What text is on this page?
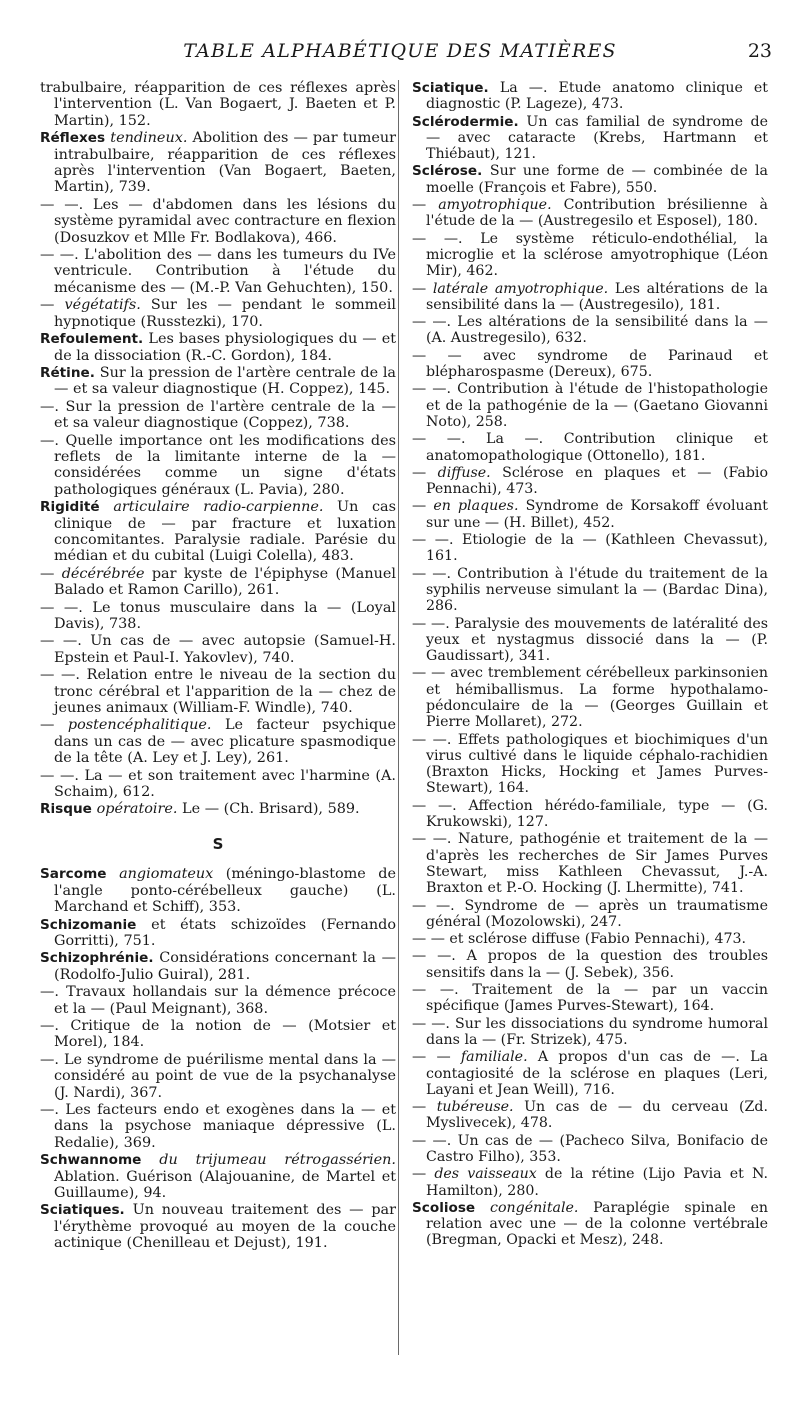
TABLE ALPHABÉTIQUE DES MATIÈRES	23

trabulbaire, réapparition de ces réflexes après l'intervention (L. Van Bogaert, J. Baeten et P. Martin), 152.

Réflexes tendineux. Abolition des — par tumeur intrabulbaire, réapparition de ces réflexes après l'intervention (Van Bogaert, Baeten, Martin), 739.

— —. Les — d'abdomen dans les lésions du système pyramidal avec contracture en flexion (Dosuzkov et Mlle Fr. Bodlakova), 466.

— —. L'abolition des — dans les tumeurs du IVe ventricule. Contribution à l'étude du mécanisme des — (M.-P. Van Gehuchten), 150.

— végétatifs. Sur les — pendant le sommeil hypnotique (Russtezki), 170.

Refoulement. Les bases physiologiques du — et de la dissociation (R.-C. Gordon), 184.

Rétine. Sur la pression de l'artère centrale de la — et sa valeur diagnostique (H. Coppez), 145.

—. Sur la pression de l'artère centrale de la — et sa valeur diagnostique (Coppez), 738.

—. Quelle importance ont les modifications des reflets de la limitante interne de la — considérées comme un signe d'états pathologiques généraux (L. Pavia), 280.

Rigidité articulaire radio-carpienne. Un cas clinique de — par fracture et luxation concomitantes. Paralysie radiale. Parésie du médian et du cubital (Luigi Colella), 483.

— décérébrée par kyste de l'épiphyse (Manuel Balado et Ramon Carillo), 261.

— —. Le tonus musculaire dans la — (Loyal Davis), 738.

— —. Un cas de — avec autopsie (Samuel-H. Epstein et Paul-I. Yakovlev), 740.

— —. Relation entre le niveau de la section du tronc cérébral et l'apparition de la — chez de jeunes animaux (William-F. Windle), 740.

— postencéphalitique. Le facteur psychique dans un cas de — avec plicature spasmodique de la tête (A. Ley et J. Ley), 261.

— —. La — et son traitement avec l'harmine (A. Schaim), 612.

Risque opératoire. Le — (Ch. Brisard), 589.

S

Sarcome angiomateux (méningo-blastome de l'angle ponto-cérébelleux gauche) (L. Marchand et Schiff), 353.

Schizomanie et états schizoïdes (Fernando Gorritti), 751.

Schizophrénie. Considérations concernant la — (Rodolfo-Julio Guiral), 281.

—. Travaux hollandais sur la démence précoce et la — (Paul Meignant), 368.

—. Critique de la notion de — (Motsier et Morel), 184.

—. Le syndrome de puérilisme mental dans la — considéré au point de vue de la psychanalyse (J. Nardi), 367.

—. Les facteurs endo et exogènes dans la — et dans la psychose maniaque dépressive (L. Redalie), 369.

Schwannome du trijumeau rétrogassérien. Ablation. Guérison (Alajouanine, de Martel et Guillaume), 94.

Sciatiques. Un nouveau traitement des — par l'érythème provoqué au moyen de la couche actinique (Chenilleau et Dejust), 191.

Sciatique. La —. Etude anatomo clinique et diagnostic (P. Lageze), 473.

Sclérodermie. Un cas familial de syndrome de — avec cataracte (Krebs, Hartmann et Thiébaut), 121.

Sclérose. Sur une forme de — combinée de la moelle (François et Fabre), 550.

— amyotrophique. Contribution brésilienne à l'étude de la — (Austregesilo et Esposel), 180.

— —. Le système réticulo-endothélial, la microglie et la sclérose amyotrophique (Léon Mir), 462.

— latérale amyotrophique. Les altérations de la sensibilité dans la — (Austregesilo), 181.

— —. Les altérations de la sensibilité dans la — (A. Austregesilo), 632.

— — avec syndrome de Parinaud et blépharospasme (Dereux), 675.

— —. Contribution à l'étude de l'histopathologie et de la pathogénie de la — (Gaetano Giovanni Noto), 258.

— —. La —. Contribution clinique et anatomopathologique (Ottonello), 181.

— diffuse. Sclérose en plaques et — (Fabio Pennachi), 473.

— en plaques. Syndrome de Korsakoff évoluant sur une — (H. Billet), 452.

— —. Etiologie de la — (Kathleen Chevassut), 161.

— —. Contribution à l'étude du traitement de la syphilis nerveuse simulant la — (Bardac Dina), 286.

— —. Paralysie des mouvements de latéralité des yeux et nystagmus dissocié dans la — (P. Gaudissart), 341.

— — avec tremblement cérébelleux parkinsonien et hémiballismus. La forme hypothalamo-pédonculaire de la — (Georges Guillain et Pierre Mollaret), 272.

— —. Effets pathologiques et biochimiques d'un virus cultivé dans le liquide céphalo-rachidien (Braxton Hicks, Hocking et James Purves-Stewart), 164.

— —. Affection hérédo-familiale, type — (G. Krukowski), 127.

— —. Nature, pathogénie et traitement de la — d'après les recherches de Sir James Purves Stewart, miss Kathleen Chevassut, J.-A. Braxton et P.-O. Hocking (J. Lhermitte), 741.

— —. Syndrome de — après un traumatisme général (Mozolowski), 247.

— — et sclérose diffuse (Fabio Pennachi), 473.

— —. A propos de la question des troubles sensitifs dans la — (J. Sebek), 356.

— —. Traitement de la — par un vaccin spécifique (James Purves-Stewart), 164.

— —. Sur les dissociations du syndrome humoral dans la — (Fr. Strizek), 475.

— — familiale. A propos d'un cas de —. La contagiosité de la sclérose en plaques (Leri, Layani et Jean Weill), 716.

— tubéreuse. Un cas de — du cerveau (Zd. Myslivecek), 478.

— —. Un cas de — (Pacheco Silva, Bonifacio de Castro Filho), 353.

— des vaisseaux de la rétine (Lijo Pavia et N. Hamilton), 280.

Scoliose congénitale. Paraplégie spinale en relation avec une — de la colonne vertébrale (Bregman, Opacki et Mesz), 248.
